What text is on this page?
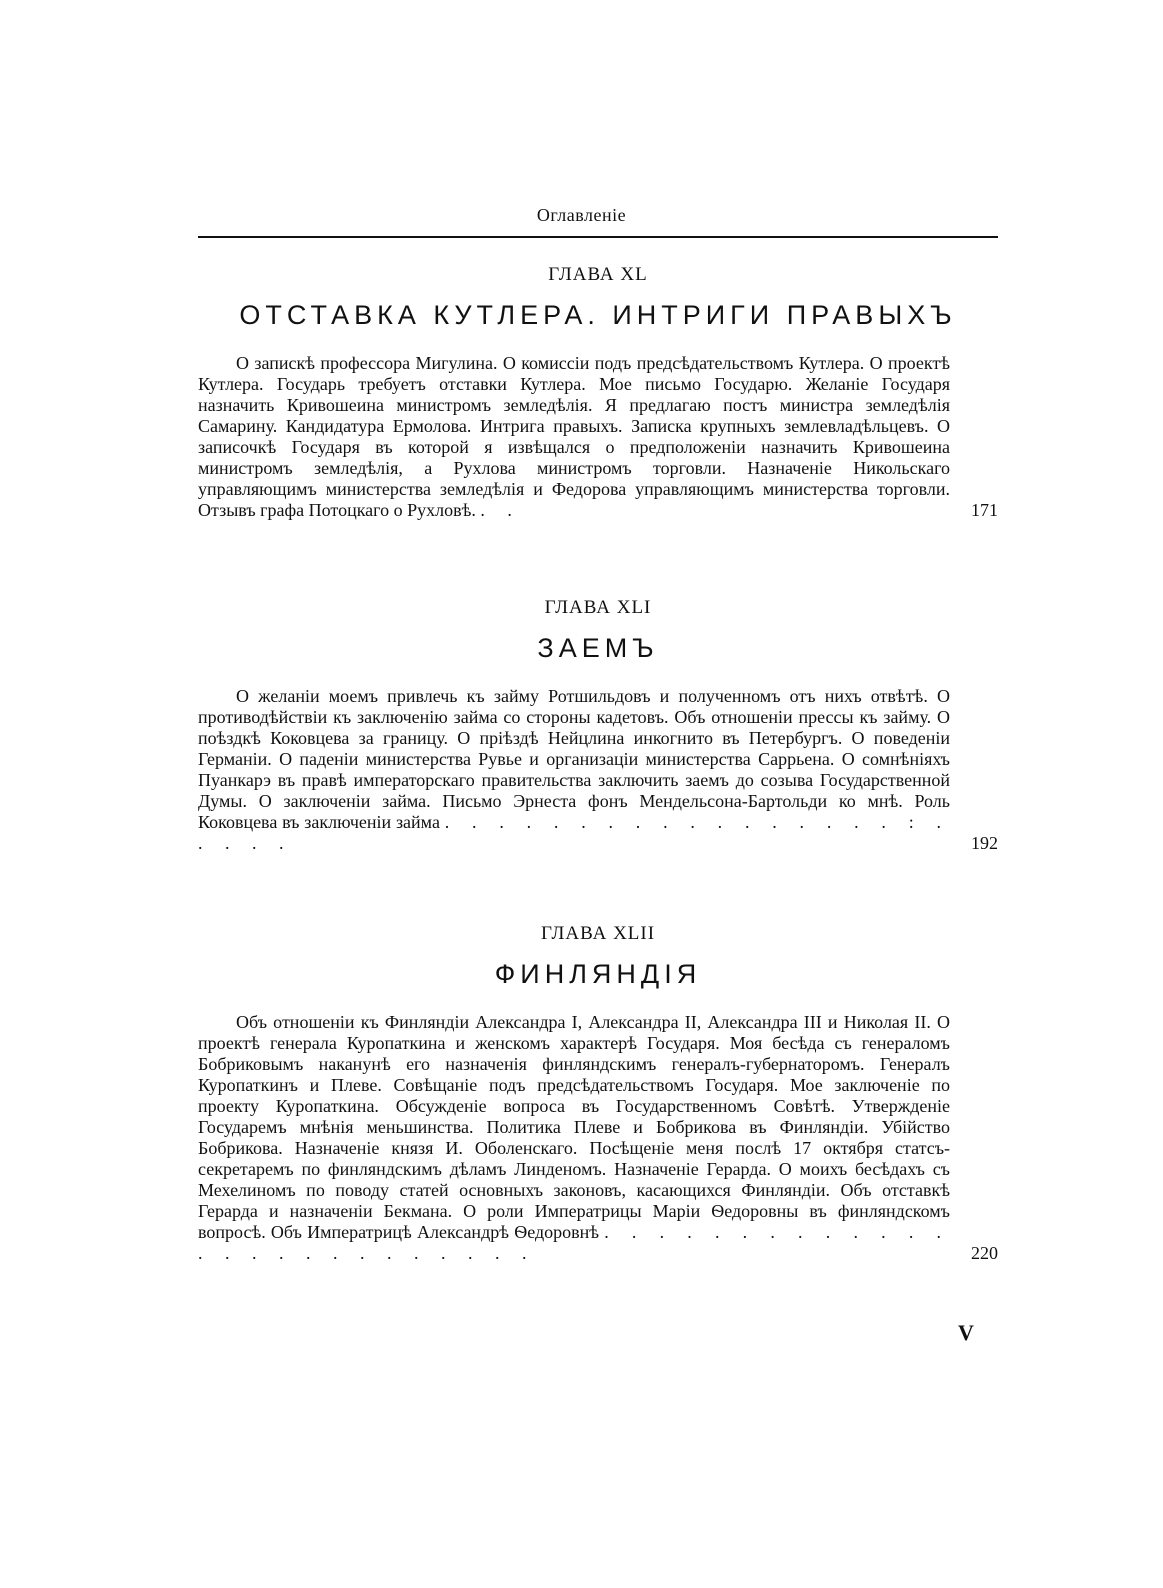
Оглавленіе
ГЛАВА XL
ОТСТАВКА КУТЛЕРА. ИНТРИГИ ПРАВЫХЪ
О запискѣ профессора Мигулина. О комиссіи подъ предсѣдательствомъ Кутлера. О проектѣ Кутлера. Государь требуетъ отставки Кутлера. Мое письмо Государю. Желаніе Государя назначить Кривошеина министромъ земледѣлія. Я предлагаю постъ министра земледѣлія Самарину. Кандидатура Ермолова. Интрига правыхъ. Записка крупныхъ землевладѣльцевъ. О записочкѣ Государя въ которой я извѣщался о предположеніи назначить Кривошеина министромъ земледѣлія, а Рухлова министромъ торговли. Назначеніе Никольскаго управляющимъ министерства земледѣлія и Федорова управляющимъ министерства торговли. Отзывъ графа Потоцкаго о Рухловѣ. . .	171
ГЛАВА XLI
ЗАЕМЪ
О желаніи моемъ привлечь къ займу Ротшильдовъ и полученномъ отъ нихъ отвѣтѣ. О противодѣйствіи къ заключенію займа со стороны кадетовъ. Объ отношеніи прессы къ займу. О поѣздкѣ Коковцева за границу. О пріѣздѣ Нейцлина инкогнито въ Петербургъ. О поведеніи Германіи. О паденіи министерства Рувье и организаціи министерства Саррьена. О сомнѣніяхъ Пуанкарэ въ правѣ императорскаго правительства заключить заемъ до созыва Государственной Думы. О заключеніи займа. Письмо Эрнеста фонъ Мендельсона-Бартольди ко мнѣ. Роль Коковцева въ заключеніи займа . . . . . . . . . . . . . . . . . : . . . . .	192
ГЛАВА XLII
ФИНЛЯНДІЯ
Объ отношеніи къ Финляндіи Александра I, Александра II, Александра III и Николая II. О проектѣ генерала Куропаткина и женскомъ характерѣ Государя. Моя бесѣда съ генераломъ Бобриковымъ наканунѣ его назначенія финляндскимъ генералъ-губернаторомъ. Генералъ Куропаткинъ и Плеве. Совѣщаніе подъ предсѣдательствомъ Государя. Мое заключеніе по проекту Куропаткина. Обсужденіе вопроса въ Государственномъ Совѣтѣ. Утвержденіе Государемъ мнѣнія меньшинства. Политика Плеве и Бобрикова въ Финляндіи. Убійство Бобрикова. Назначеніе князя И. Оболенскаго. Посѣщеніе меня послѣ 17 октября статсъ-секретаремъ по финляндскимъ дѣламъ Линденомъ. Назначеніе Герарда. О моихъ бесѣдахъ съ Мехелиномъ по поводу статей основныхъ законовъ, касающихся Финляндіи. Объ отставкѣ Герарда и назначеніи Бекмана. О роли Императрицы Маріи Ѳедоровны въ финляндскомъ вопросѣ. Объ Императрицѣ Александрѣ Ѳедоровнѣ . . . . . . . . . . . . . . . . . . . . . . . . . .	220
V
